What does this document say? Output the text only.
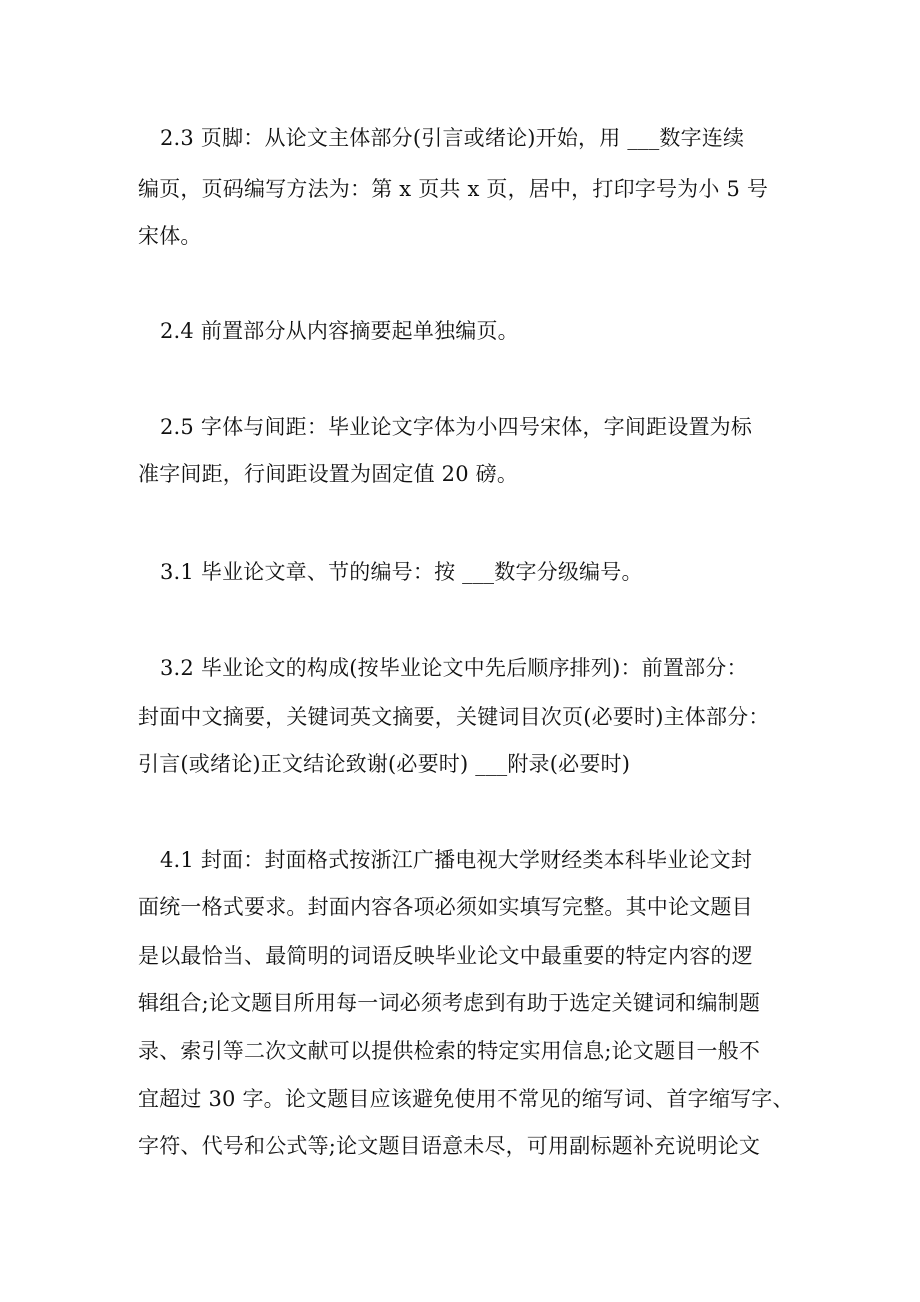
2.3 页脚：从论文主体部分(引言或绪论)开始，用 ___数字连续
编页，页码编写方法为：第 x 页共 x 页，居中，打印字号为小 5 号
宋体。
2.4 前置部分从内容摘要起单独编页。
2.5 字体与间距：毕业论文字体为小四号宋体，字间距设置为标
准字间距，行间距设置为固定值 20 磅。
3.1 毕业论文章、节的编号：按 ___数字分级编号。
3.2 毕业论文的构成(按毕业论文中先后顺序排列)：前置部分：
封面中文摘要，关键词英文摘要，关键词目次页(必要时)主体部分：
引言(或绪论)正文结论致谢(必要时) ___附录(必要时)
4.1 封面：封面格式按浙江广播电视大学财经类本科毕业论文封
面统一格式要求。封面内容各项必须如实填写完整。其中论文题目
是以最恰当、最简明的词语反映毕业论文中最重要的特定内容的逻
辑组合;论文题目所用每一词必须考虑到有助于选定关键词和编制题
录、索引等二次文献可以提供检索的特定实用信息;论文题目一般不
宜超过 30 字。论文题目应该避免使用不常见的缩写词、首字缩写字、
字符、代号和公式等;论文题目语意未尽，可用副标题补充说明论文
